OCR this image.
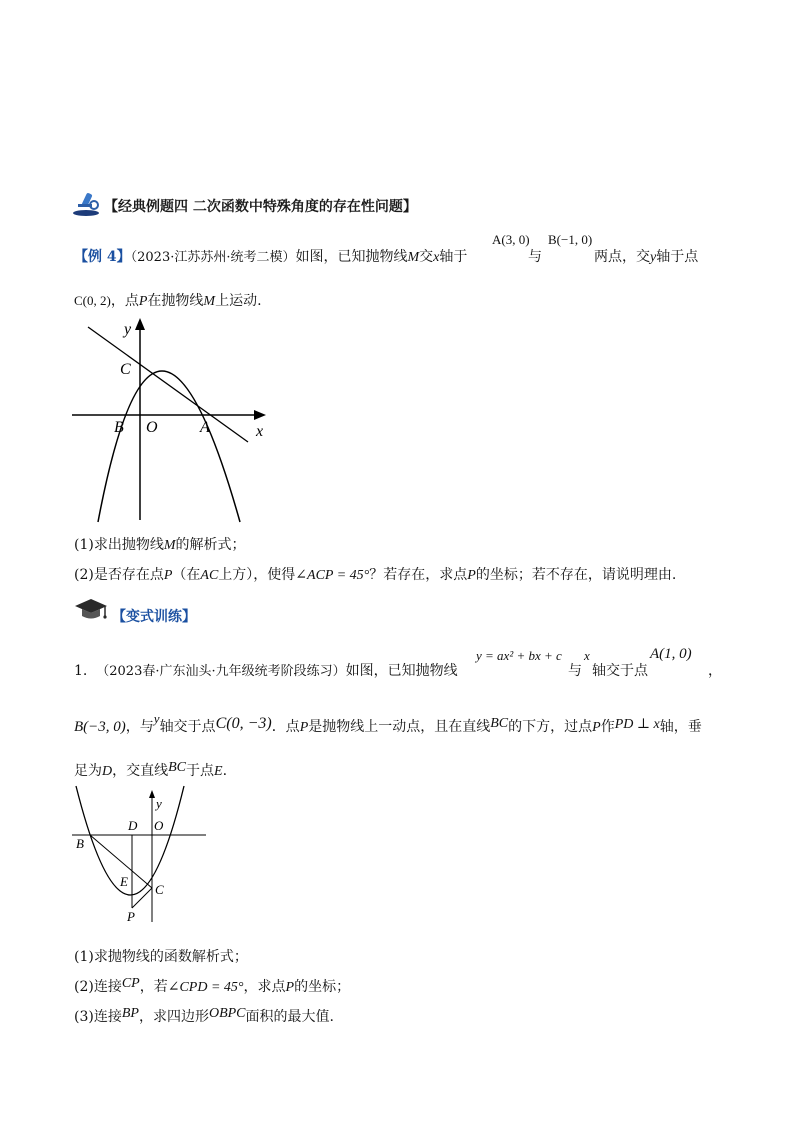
【经典例题四 二次函数中特殊角度的存在性问题】
【例 4】（2023·江苏苏州·统考二模）如图，已知抛物线M交x轴于
A(3, 0)
与
B(−1, 0)
两点，交y轴于点
C(0, 2)，点P在抛物线M上运动.
y
x
C
B O	A
(1)求出抛物线M的解析式；
(2)是否存在点P（在AC上方），使得∠ACP = 45°？若存在，求点P的坐标；若不存在，请说明理由.
【变式训练】
1. （2023春·广东汕头·九年级统考阶段练习）如图，已知抛物线
y = ax² + bx + c
与
x
轴交于点
A(1, 0)
，
B(−3, 0)，与y轴交于点C(0, −3)．点P是抛物线上一动点，且在直线BC的下方，过点P作PD ⊥ x轴，垂
足为D，交直线BC于点E.
y
D O
B
E
C
P
(1)求抛物线的函数解析式；
(2)连接CP，若∠CPD = 45°，求点P的坐标；
(3)连接BP，求四边形OBPC面积的最大值.
